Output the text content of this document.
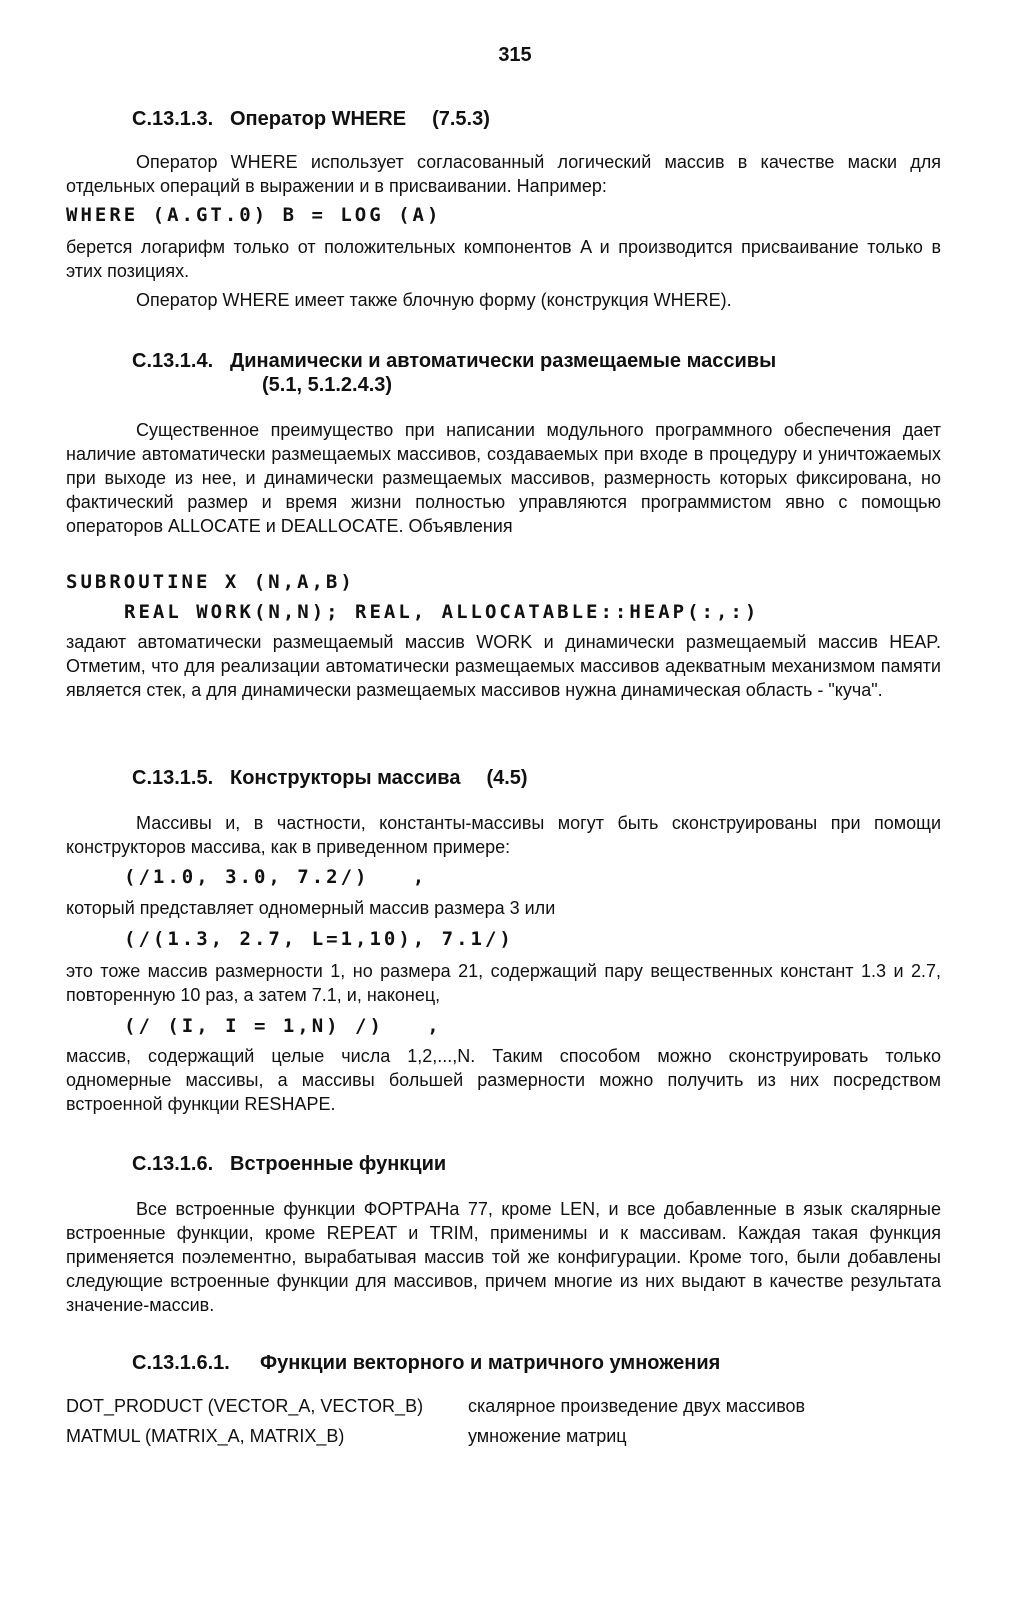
315
C.13.1.3. Оператор WHERE (7.5.3)
Оператор WHERE использует согласованный логический массив в качестве маски для отдельных операций в выражении и в присваивании. Например:
WHERE (A.GT.0) B = LOG (A)
берется логарифм только от положительных компонентов A и производится присваивание только в этих позициях.
Оператор WHERE имеет также блочную форму (конструкция WHERE).
C.13.1.4. Динамически и автоматически размещаемые массивы
(5.1, 5.1.2.4.3)
Существенное преимущество при написании модульного программного обеспечения дает наличие автоматически размещаемых массивов, создаваемых при входе в процедуру и уничтожаемых при выходе из нее, и динамически размещаемых массивов, размерность которых фиксирована, но фактический размер и время жизни полностью управляются программистом явно с помощью операторов ALLOCATE и DEALLOCATE. Объявления
SUBROUTINE X (N,A,B)
REAL WORK(N,N); REAL, ALLOCATABLE::HEAP(:,:)
задают автоматически размещаемый массив WORK и динамически размещаемый массив HEAP. Отметим, что для реализации автоматически размещаемых массивов адекватным механизмом памяти является стек, а для динамически размещаемых массивов нужна динамическая область - "куча".
C.13.1.5. Конструкторы массива (4.5)
Массивы и, в частности, константы-массивы могут быть сконструированы при помощи конструкторов массива, как в приведенном примере:
(/1.0, 3.0, 7.2/)   ,
который представляет одномерный массив размера 3 или
(/(1.3, 2.7, L=1,10), 7.1/)
это тоже массив размерности 1, но размера 21, содержащий пару вещественных констант 1.3 и 2.7, повторенную 10 раз, а затем 7.1, и, наконец,
(/ (I, I = 1,N) /)   ,
массив, содержащий целые числа 1,2,...,N. Таким способом можно сконструировать только одномерные массивы, а массивы большей размерности можно получить из них посредством встроенной функции RESHAPE.
C.13.1.6. Встроенные функции
Все встроенные функции ФОРТРАНа 77, кроме LEN, и все добавленные в язык скалярные встроенные функции, кроме REPEAT и TRIM, применимы и к массивам. Каждая такая функция применяется поэлементно, вырабатывая массив той же конфигурации. Кроме того, были добавлены следующие встроенные функции для массивов, причем многие из них выдают в качестве результата значение-массив.
C.13.1.6.1. Функции векторного и матричного умножения
DOT_PRODUCT (VECTOR_A, VECTOR_B) скалярное произведение двух массивов
MATMUL (MATRIX_A, MATRIX_B)	умножение матриц
